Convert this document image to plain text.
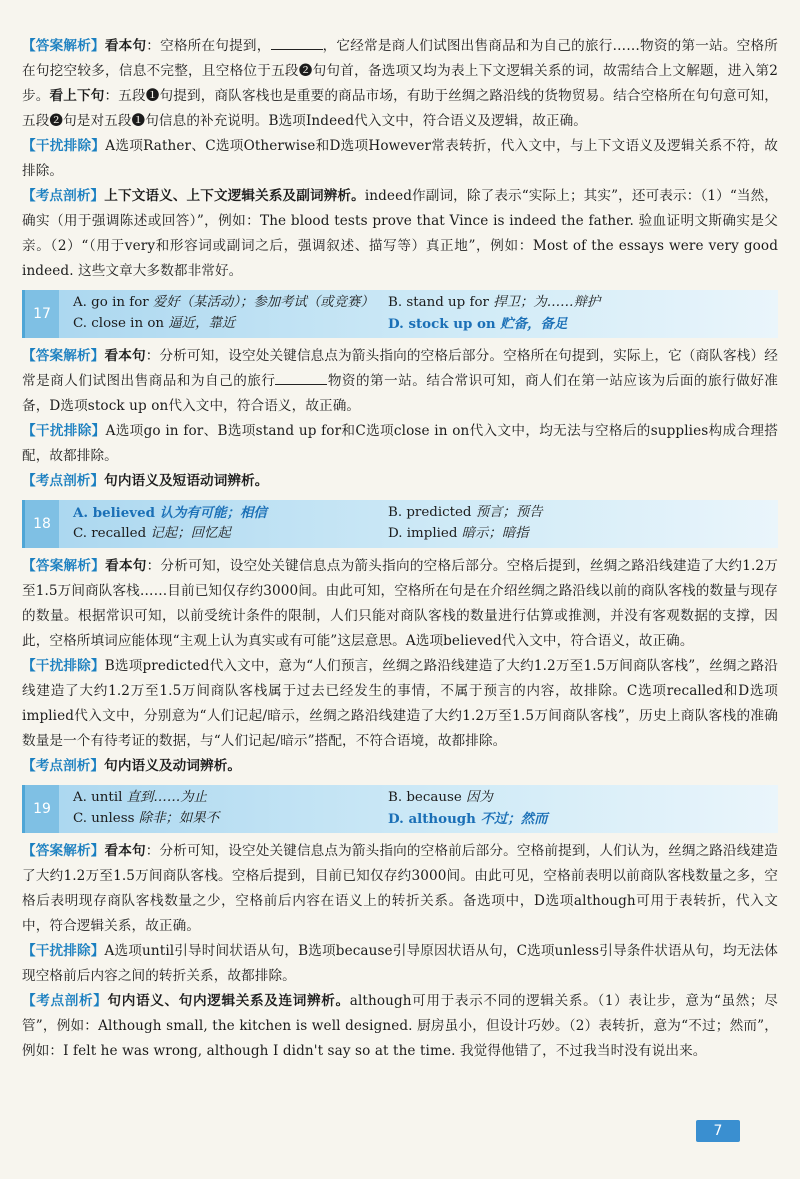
【答案解析】看本句：空格所在句提到，	，它经常是商人们试图出售商品和为自己的旅行……物资的第一站。空格所在句挖空较多，信息不完整，且空格位于五段❷句句首，备选项又均为表上下文逻辑关系的词，故需结合上文解题，进入第2步。看上下句：五段❶句提到，商队客栈也是重要的商品市场，有助于丝绸之路沿线的货物贸易。结合空格所在句句意可知，五段❷句是对五段❶句信息的补充说明。B选项Indeed代入文中，符合语义及逻辑，故正确。

【干扰排除】A选项Rather、C选项Otherwise和D选项However常表转折，代入文中，与上下文语义及逻辑关系不符，故排除。

【考点剖析】上下文语义、上下文逻辑关系及副词辨析。indeed作副词，除了表示“实际上；其实”，还可表示：（1）“当然，确实（用于强调陈述或回答）”，例如：The blood tests prove that Vince is indeed the father. 验血证明文斯确实是父亲。（2）“（用于very和形容词或副词之后，强调叙述、描写等）真正地”，例如：Most of the essays were very good indeed. 这些文章大多数都非常好。

17
A. go in for 爱好（某活动）；参加考试（或竞赛） B. stand up for 捍卫；为……辩护
C. close in on 逼近，靠近	D. stock up on 贮备，备足

【答案解析】看本句：分析可知，设空处关键信息点为箭头指向的空格后部分。空格所在句提到，实际上，它（商队客栈）经常是商人们试图出售商品和为自己的旅行	物资的第一站。结合常识可知，商人们在第一站应该为后面的旅行做好准备，D选项stock up on代入文中，符合语义，故正确。

【干扰排除】A选项go in for、B选项stand up for和C选项close in on代入文中，均无法与空格后的supplies构成合理搭配，故都排除。

【考点剖析】句内语义及短语动词辨析。

18
A. believed 认为有可能；相信	B. predicted 预言；预告
C. recalled 记起；回忆起	D. implied 暗示；暗指

【答案解析】看本句：分析可知，设空处关键信息点为箭头指向的空格后部分。空格后提到，丝绸之路沿线建造了大约1.2万至1.5万间商队客栈……目前已知仅存约3000间。由此可知，空格所在句是在介绍丝绸之路沿线以前的商队客栈的数量与现存的数量。根据常识可知，以前受统计条件的限制，人们只能对商队客栈的数量进行估算或推测，并没有客观数据的支撑，因此，空格所填词应能体现“主观上认为真实或有可能”这层意思。A选项believed代入文中，符合语义，故正确。

【干扰排除】B选项predicted代入文中，意为“人们预言，丝绸之路沿线建造了大约1.2万至1.5万间商队客栈”，丝绸之路沿线建造了大约1.2万至1.5万间商队客栈属于过去已经发生的事情，不属于预言的内容，故排除。C选项recalled和D选项implied代入文中，分别意为“人们记起/暗示，丝绸之路沿线建造了大约1.2万至1.5万间商队客栈”，历史上商队客栈的准确数量是一个有待考证的数据，与“人们记起/暗示”搭配，不符合语境，故都排除。

【考点剖析】句内语义及动词辨析。

19
A. until 直到……为止	B. because 因为
C. unless 除非；如果不	D. although 不过；然而

【答案解析】看本句：分析可知，设空处关键信息点为箭头指向的空格前后部分。空格前提到，人们认为，丝绸之路沿线建造了大约1.2万至1.5万间商队客栈。空格后提到，目前已知仅存约3000间。由此可见，空格前表明以前商队客栈数量之多，空格后表明现存商队客栈数量之少，空格前后内容在语义上的转折关系。备选项中，D选项although可用于表转折，代入文中，符合逻辑关系，故正确。

【干扰排除】A选项until引导时间状语从句，B选项because引导原因状语从句，C选项unless引导条件状语从句，均无法体现空格前后内容之间的转折关系，故都排除。

【考点剖析】句内语义、句内逻辑关系及连词辨析。although可用于表示不同的逻辑关系。（1）表让步，意为“虽然；尽管”，例如：Although small, the kitchen is well designed. 厨房虽小，但设计巧妙。（2）表转折，意为“不过；然而”，例如：I felt he was wrong, although I didn't say so at the time. 我觉得他错了，不过我当时没有说出来。

7
